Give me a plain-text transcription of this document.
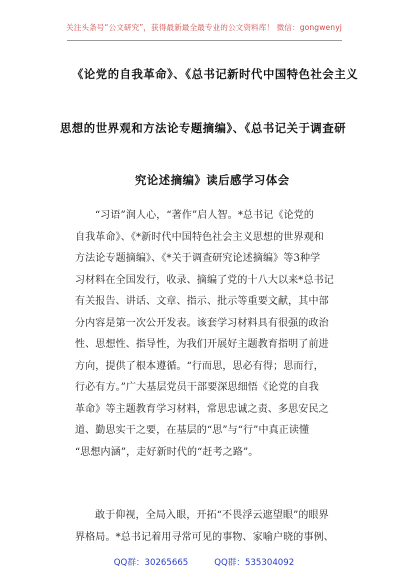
关注头条号“公文研究”，获得最新最全最专业的公文资料库！ 微信：gongwenyj
《论党的自我革命》、《总书记新时代中国特色社会主义
思想的世界观和方法论专题摘编》、《总书记关于调查研
究论述摘编》读后感学习体会
“习语”润人心，“著作”启人智。*总书记《论党的
自我革命》、《*新时代中国特色社会主义思想的世界观和
方法论专题摘编》、《*关于调查研究论述摘编》等3种学
习材料在全国发行，收录、摘编了党的十八大以来*总书记
有关报告、讲话、文章、指示、批示等重要文献，其中部
分内容是第一次公开发表。该套学习材料具有很强的政治
性、思想性、指导性，为我们开展好主题教育指明了前进
方向，提供了根本遵循。“行而思，思必有得；思而行，
行必有方。”广大基层党员干部要深思细悟《论党的自我
革命》等主题教育学习材料，常思忠诚之责、多思安民之
道、勤思实干之要，在基层的“思”与“行”中真正读懂
“思想内涵”，走好新时代的“赶考之路”。
敢于仰视，全局入眼，开拓“不畏浮云遮望眼”的眼界
界格局。*总书记着用寻常可见的事物、家喻户晓的事例、
QQ群：30265665	QQ群：535304092
